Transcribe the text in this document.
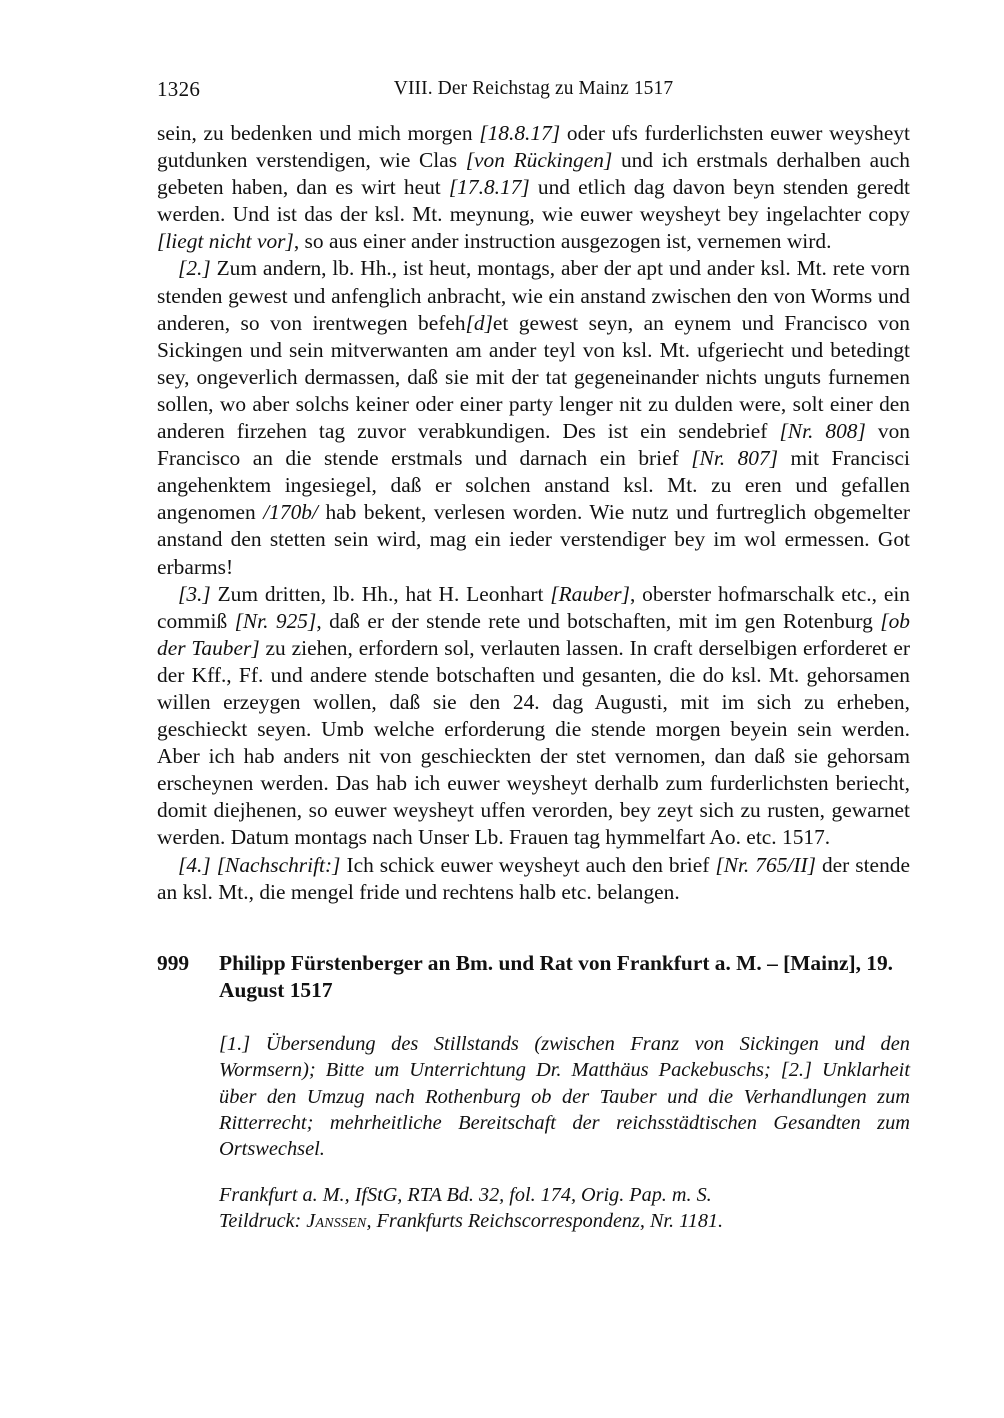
1326	VIII. Der Reichstag zu Mainz 1517

sein, zu bedenken und mich morgen [18.8.17] oder ufs furderlichsten euwer weysheyt gutdunken verstendigen, wie Clas [von Rückingen] und ich erstmals derhalben auch gebeten haben, dan es wirt heut [17.8.17] und etlich dag davon beyn stenden geredt werden. Und ist das der ksl. Mt. meynung, wie euwer weysheyt bey ingelachter copy [liegt nicht vor], so aus einer ander instruction ausgezogen ist, vernemen wird.

[2.] Zum andern, lb. Hh., ist heut, montags, aber der apt und ander ksl. Mt. rete vorn stenden gewest und anfenglich anbracht, wie ein anstand zwischen den von Worms und anderen, so von irentwegen befeh[d]et gewest seyn, an eynem und Francisco von Sickingen und sein mitverwanten am ander teyl von ksl. Mt. ufgeriecht und betedingt sey, ongeverlich dermassen, daß sie mit der tat gegeneinander nichts unguts furnemen sollen, wo aber solchs keiner oder einer party lenger nit zu dulden were, solt einer den anderen firzehen tag zuvor verabkundigen. Des ist ein sendebrief [Nr. 808] von Francisco an die stende erstmals und darnach ein brief [Nr. 807] mit Francisci angehenktem ingesiegel, daß er solchen anstand ksl. Mt. zu eren und gefallen angenomen /170b/ hab bekent, verlesen worden. Wie nutz und furtreglich obgemelter anstand den stetten sein wird, mag ein ieder verstendiger bey im wol ermessen. Got erbarms!

[3.] Zum dritten, lb. Hh., hat H. Leonhart [Rauber], oberster hofmarschalk etc., ein commiß [Nr. 925], daß er der stende rete und botschaften, mit im gen Rotenburg [ob der Tauber] zu ziehen, erfordern sol, verlauten lassen. In craft derselbigen erforderet er der Kff., Ff. und andere stende botschaften und gesanten, die do ksl. Mt. gehorsamen willen erzeygen wollen, daß sie den 24. dag Augusti, mit im sich zu erheben, geschieckt seyen. Umb welche erforderung die stende morgen beyein sein werden. Aber ich hab anders nit von geschieckten der stet vernomen, dan daß sie gehorsam erscheynen werden. Das hab ich euwer weysheyt derhalb zum furderlichsten beriecht, domit diejhenen, so euwer weysheyt uffen verorden, bey zeyt sich zu rusten, gewarnet werden. Datum montags nach Unser Lb. Frauen tag hymmelfart Ao. etc. 1517.

[4.] [Nachschrift:] Ich schick euwer weysheyt auch den brief [Nr. 765/II] der stende an ksl. Mt., die mengel fride und rechtens halb etc. belangen.

999	Philipp Fürstenberger an Bm. und Rat von Frankfurt a. M. – [Mainz], 19. August 1517
[1.] Übersendung des Stillstands (zwischen Franz von Sickingen und den Wormsern); Bitte um Unterrichtung Dr. Matthäus Packebuschs; [2.] Unklarheit über den Umzug nach Rothenburg ob der Tauber und die Verhandlungen zum Ritterrecht; mehrheitliche Bereitschaft der reichsstädtischen Gesandten zum Ortswechsel.
Frankfurt a. M., IfStG, RTA Bd. 32, fol. 174, Orig. Pap. m. S.
Teildruck: Janssen, Frankfurts Reichscorrespondenz, Nr. 1181.
